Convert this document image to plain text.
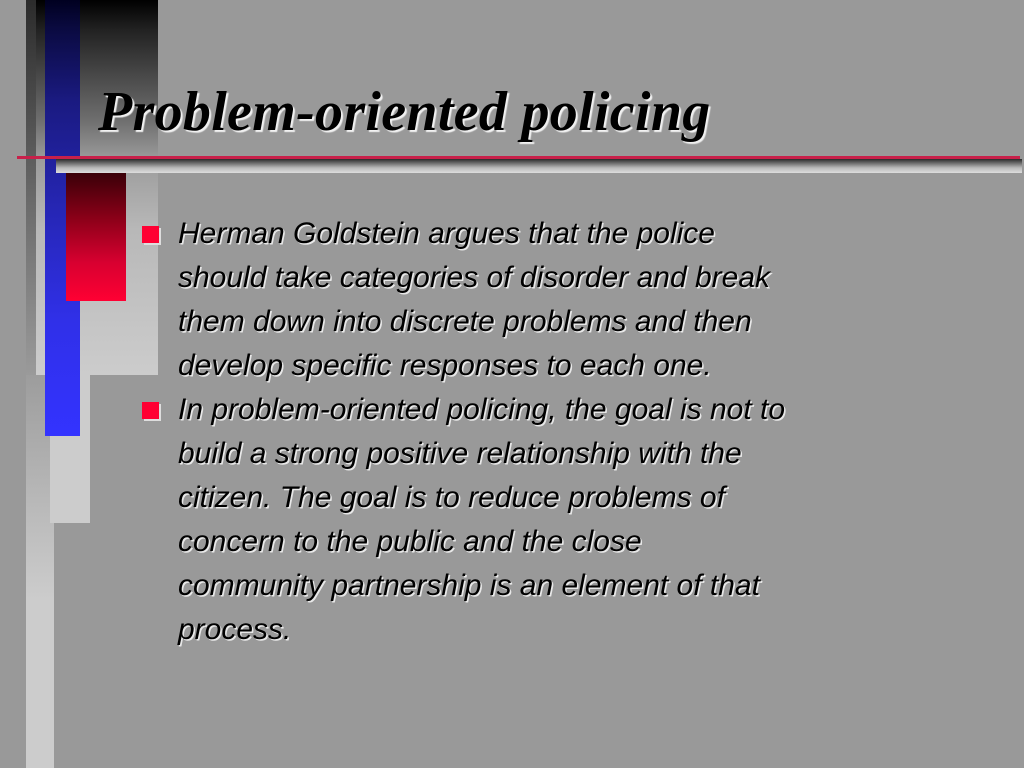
Problem-oriented policing
Herman Goldstein argues that the police
should take categories of disorder and break
them down into discrete problems and then
develop specific responses to each one.
In problem-oriented policing, the goal is not to
build a strong positive relationship with the
citizen. The goal is to reduce problems of
concern to the public and the close
community partnership is an element of that
process.
